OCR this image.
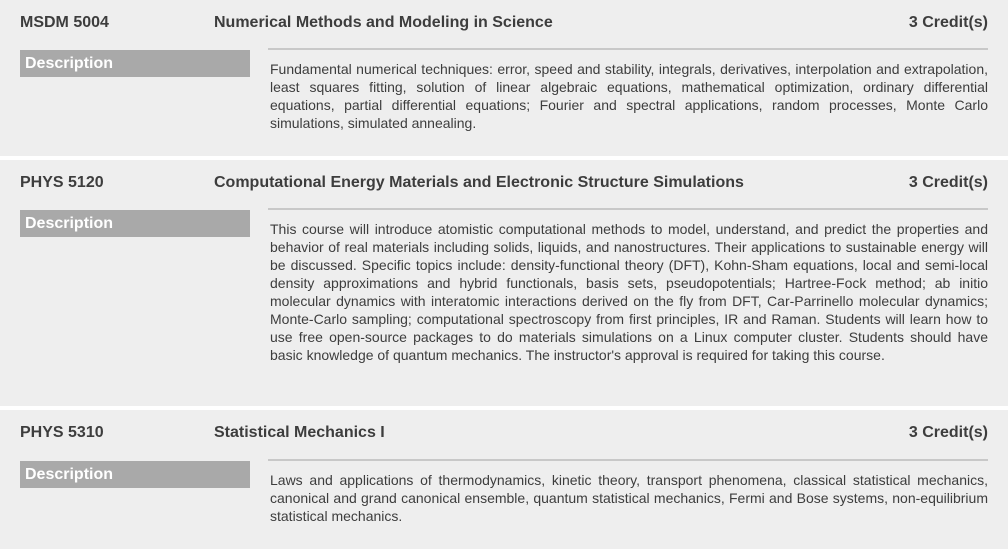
MSDM 5004	Numerical Methods and Modeling in Science	3 Credit(s)
Description	Fundamental numerical techniques: error, speed and stability, integrals, derivatives, interpolation and extrapolation, least squares fitting, solution of linear algebraic equations, mathematical optimization, ordinary differential equations, partial differential equations; Fourier and spectral applications, random processes, Monte Carlo simulations, simulated annealing.

PHYS 5120	Computational Energy Materials and Electronic Structure Simulations	3 Credit(s)
Description	This course will introduce atomistic computational methods to model, understand, and predict the properties and behavior of real materials including solids, liquids, and nanostructures. Their applications to sustainable energy will be discussed. Specific topics include: density-functional theory (DFT), Kohn-Sham equations, local and semi-local density approximations and hybrid functionals, basis sets, pseudopotentials; Hartree-Fock method; ab initio molecular dynamics with interatomic interactions derived on the fly from DFT, Car-Parrinello molecular dynamics; Monte-Carlo sampling; computational spectroscopy from first principles, IR and Raman. Students will learn how to use free open-source packages to do materials simulations on a Linux computer cluster. Students should have basic knowledge of quantum mechanics. The instructor's approval is required for taking this course.

PHYS 5310	Statistical Mechanics I	3 Credit(s)
Description	Laws and applications of thermodynamics, kinetic theory, transport phenomena, classical statistical mechanics, canonical and grand canonical ensemble, quantum statistical mechanics, Fermi and Bose systems, non-equilibrium statistical mechanics.
